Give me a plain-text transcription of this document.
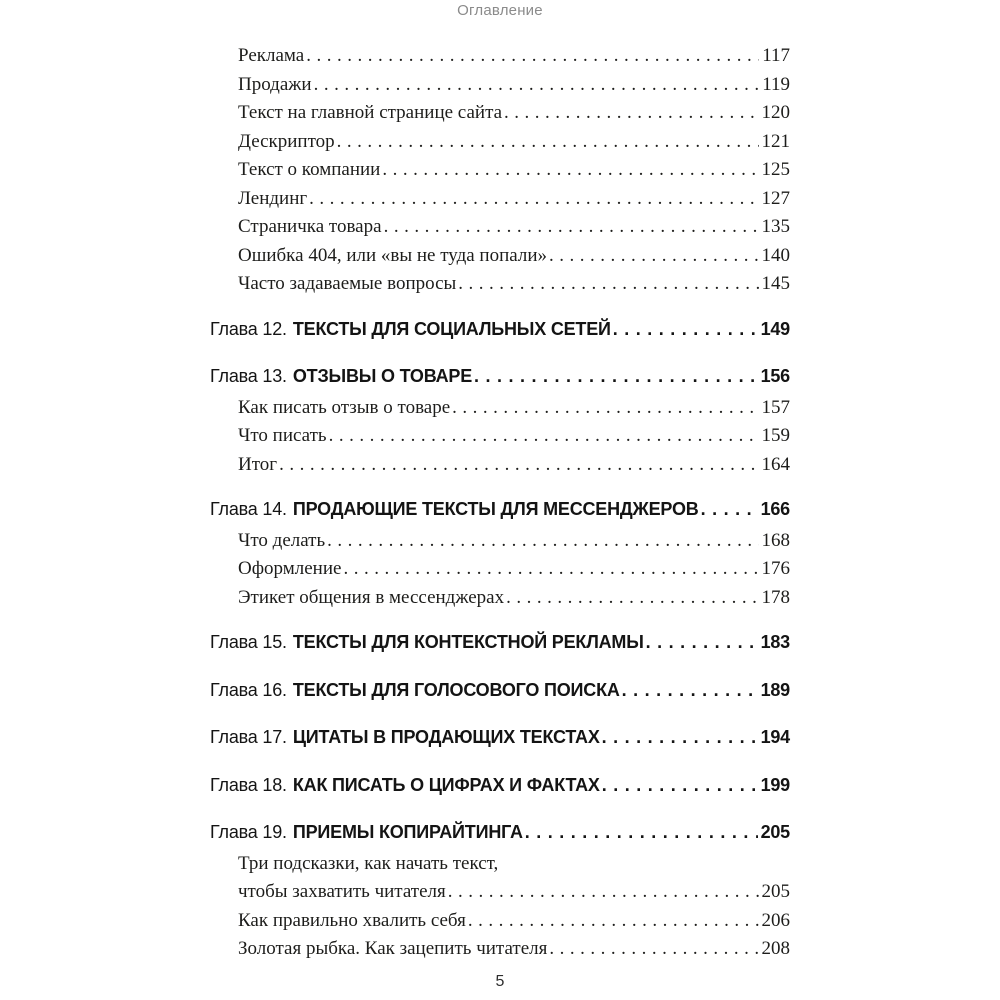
Оглавление
Реклама .....	117
Продажи .....	119
Текст на главной странице сайта .....	120
Дескриптор .....	121
Текст о компании .....	125
Лендинг .....	127
Страничка товара .....	135
Ошибка 404, или «вы не туда попали» .....	140
Часто задаваемые вопросы .....	145
Глава 12. ТЕКСТЫ ДЛЯ СОЦИАЛЬНЫХ СЕТЕЙ .....	149
Глава 13. ОТЗЫВЫ О ТОВАРЕ .....	156
Как писать отзыв о товаре .....	157
Что писать .....	159
Итог .....	164
Глава 14. ПРОДАЮЩИЕ ТЕКСТЫ ДЛЯ МЕССЕНДЖЕРОВ .....	166
Что делать .....	168
Оформление .....	176
Этикет общения в мессенджерах .....	178
Глава 15. ТЕКСТЫ ДЛЯ КОНТЕКСТНОЙ РЕКЛАМЫ .....	183
Глава 16. ТЕКСТЫ ДЛЯ ГОЛОСОВОГО ПОИСКА .....	189
Глава 17. ЦИТАТЫ В ПРОДАЮЩИХ ТЕКСТАХ .....	194
Глава 18. КАК ПИСАТЬ О ЦИФРАХ И ФАКТАХ .....	199
Глава 19. ПРИЕМЫ КОПИРАЙТИНГА .....	205
Три подсказки, как начать текст,
чтобы захватить читателя .....	205
Как правильно хвалить себя .....	206
Золотая рыбка. Как зацепить читателя .....	208
5
